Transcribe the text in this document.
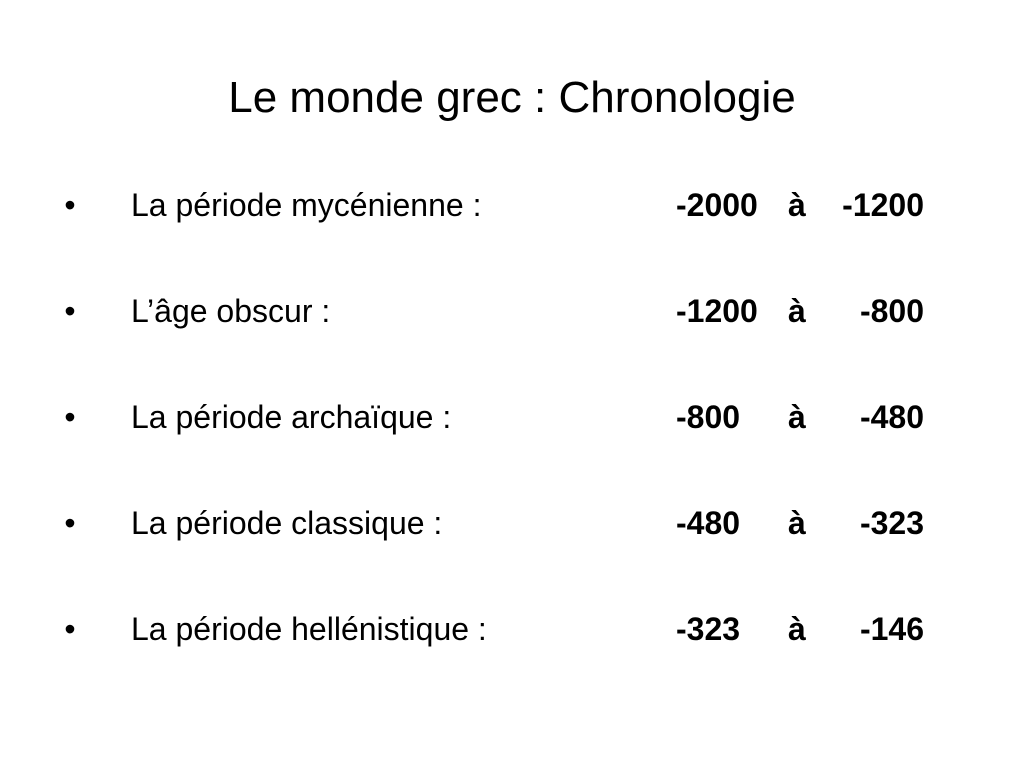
Le monde grec : Chronologie
• La période mycénienne :	-2000 à -1200
• L’âge obscur :	-1200 à -800
• La période archaïque :	-800 à -480
• La période classique :	-480 à -323
• La période hellénistique :	-323 à -146
